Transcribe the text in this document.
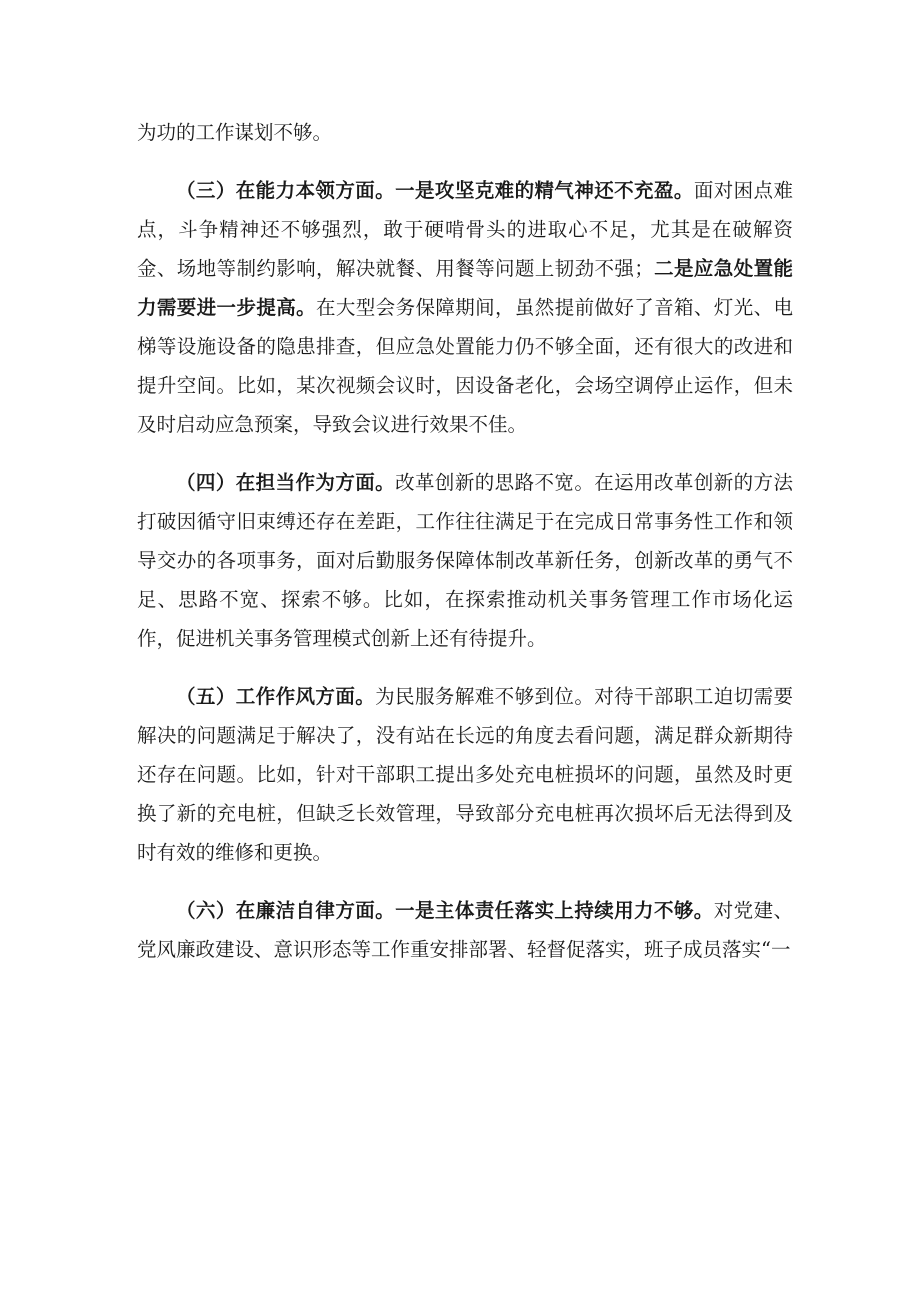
为功的工作谋划不够。

（三）在能力本领方面。一是攻坚克难的精气神还不充盈。面对困点难点，斗争精神还不够强烈，敢于硬啃骨头的进取心不足，尤其是在破解资金、场地等制约影响，解决就餐、用餐等问题上韧劲不强；二是应急处置能力需要进一步提高。在大型会务保障期间，虽然提前做好了音箱、灯光、电梯等设施设备的隐患排查，但应急处置能力仍不够全面，还有很大的改进和提升空间。比如，某次视频会议时，因设备老化，会场空调停止运作，但未及时启动应急预案，导致会议进行效果不佳。

（四）在担当作为方面。改革创新的思路不宽。在运用改革创新的方法打破因循守旧束缚还存在差距，工作往往满足于在完成日常事务性工作和领导交办的各项事务，面对后勤服务保障体制改革新任务，创新改革的勇气不足、思路不宽、探索不够。比如，在探索推动机关事务管理工作市场化运作，促进机关事务管理模式创新上还有待提升。

（五）工作作风方面。为民服务解难不够到位。对待干部职工迫切需要解决的问题满足于解决了，没有站在长远的角度去看问题，满足群众新期待还存在问题。比如，针对干部职工提出多处充电桩损坏的问题，虽然及时更换了新的充电桩，但缺乏长效管理，导致部分充电桩再次损坏后无法得到及时有效的维修和更换。

（六）在廉洁自律方面。一是主体责任落实上持续用力不够。对党建、党风廉政建设、意识形态等工作重安排部署、轻督促落实，班子成员落实“一
